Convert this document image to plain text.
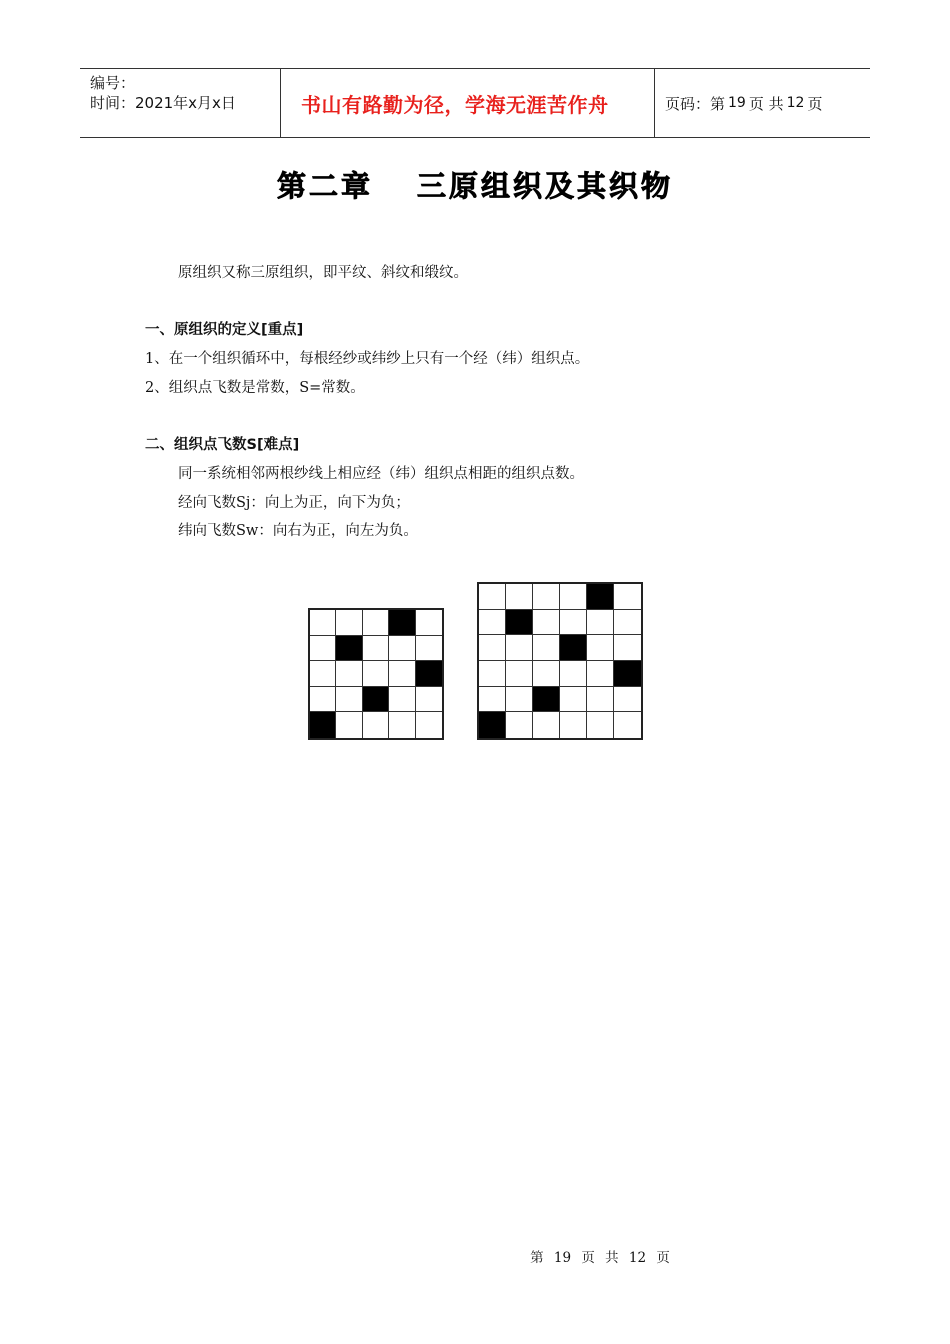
编号：
时间：2021年x月x日	书山有路勤为径，学海无涯苦作舟	页码：第 19 页 共 12 页
第二章 三原组织及其织物
原组织又称三原组织，即平纹、斜纹和缎纹。
一、原组织的定义[重点]
1、在一个组织循环中，每根经纱或纬纱上只有一个经（纬）组织点。
2、组织点飞数是常数，S=常数。
二、组织点飞数S[难点]
同一系统相邻两根纱线上相应经（纬）组织点相距的组织点数。
经向飞数Sj：向上为正，向下为负；
纬向飞数Sw：向右为正，向左为负。
第 19 页 共 12 页
